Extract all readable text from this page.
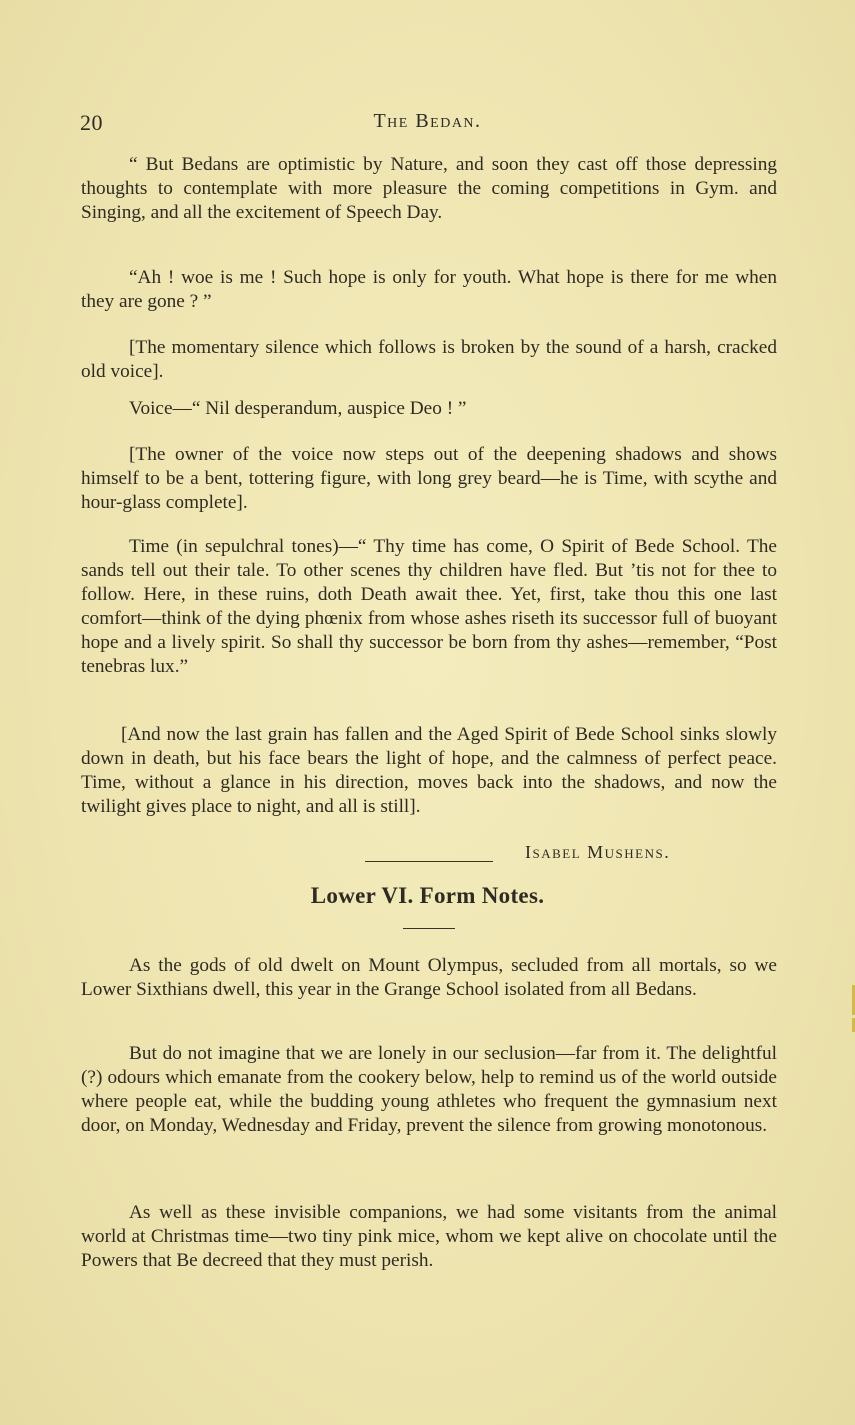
20	The Bedan.

“ But Bedans are optimistic by Nature, and soon they cast off those depressing thoughts to contemplate with more pleasure the coming competitions in Gym. and Singing, and all the excitement of Speech Day.

“Ah ! woe is me ! Such hope is only for youth. What hope is there for me when they are gone ? ”

[The momentary silence which follows is broken by the sound of a harsh, cracked old voice].

Voice—“ Nil desperandum, auspice Deo ! ”

[The owner of the voice now steps out of the deepening shadows and shows himself to be a bent, tottering figure, with long grey beard—he is Time, with scythe and hour-glass complete].

Time (in sepulchral tones)—“ Thy time has come, O Spirit of Bede School. The sands tell out their tale. To other scenes thy children have fled. But ’tis not for thee to follow. Here, in these ruins, doth Death await thee. Yet, first, take thou this one last comfort—think of the dying phœnix from whose ashes riseth its successor full of buoyant hope and a lively spirit. So shall thy successor be born from thy ashes—remember, “Post tenebras lux.”

[And now the last grain has fallen and the Aged Spirit of Bede School sinks slowly down in death, but his face bears the light of hope, and the calmness of perfect peace. Time, without a glance in his direction, moves back into the shadows, and now the twilight gives place to night, and all is still].

Isabel Mushens.
Lower VI. Form Notes.

As the gods of old dwelt on Mount Olympus, secluded from all mortals, so we Lower Sixthians dwell, this year in the Grange School isolated from all Bedans.

But do not imagine that we are lonely in our seclusion—far from it. The delightful (?) odours which emanate from the cookery below, help to remind us of the world outside where people eat, while the budding young athletes who frequent the gymnasium next door, on Monday, Wednesday and Friday, prevent the silence from growing monotonous.

As well as these invisible companions, we had some visitants from the animal world at Christmas time—two tiny pink mice, whom we kept alive on chocolate until the Powers that Be decreed that they must perish.
